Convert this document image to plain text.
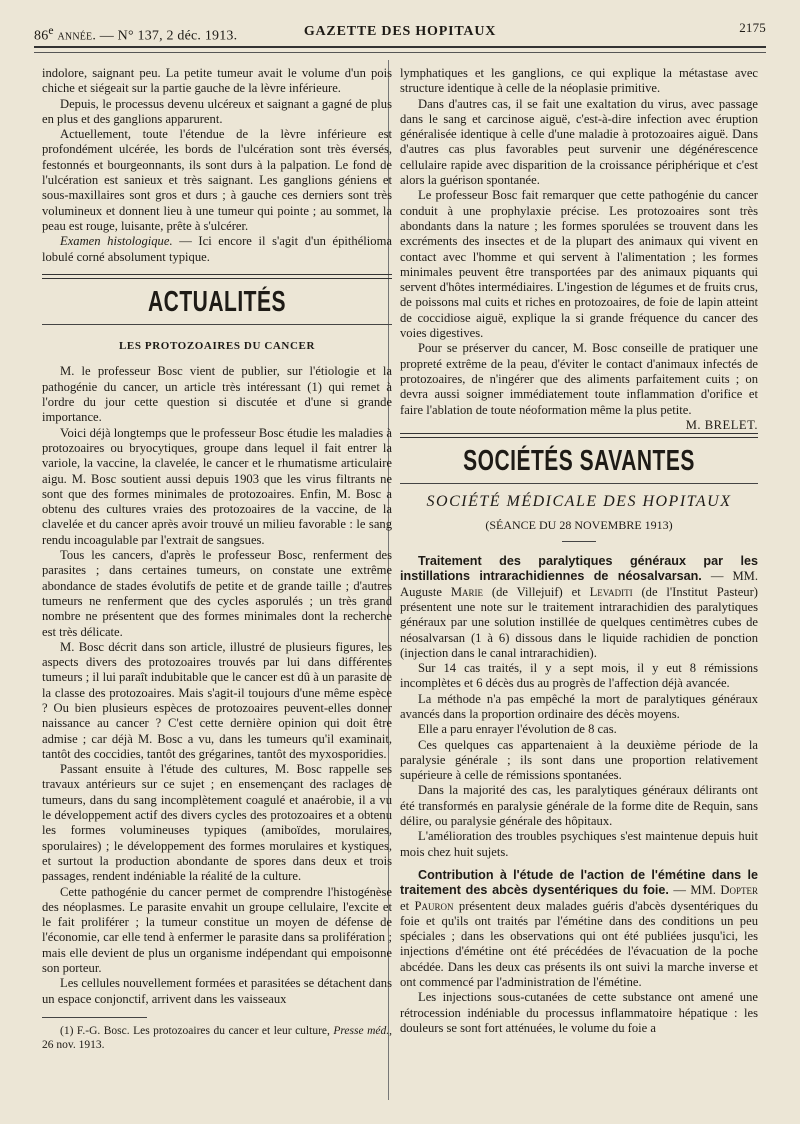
86e année. — N° 137, 2 déc. 1913.	GAZETTE DES HOPITAUX	2175

indolore, saignant peu. La petite tumeur avait le volume d'un pois chiche et siégeait sur la partie gauche de la lèvre inférieure.

Depuis, le processus devenu ulcéreux et saignant a gagné de plus en plus et des ganglions apparurent.

Actuellement, toute l'étendue de la lèvre inférieure est profondément ulcérée, les bords de l'ulcération sont très éversés, festonnés et bourgeonnants, ils sont durs à la palpation. Le fond de l'ulcération est sanieux et très saignant. Les ganglions géniens et sous-maxillaires sont gros et durs ; à gauche ces derniers sont très volumineux et donnent lieu à une tumeur qui pointe ; au sommet, la peau est rouge, luisante, prête à s'ulcérer.

Examen histologique. — Ici encore il s'agit d'un épithélioma lobulé corné absolument typique.

ACTUALITÉS
LES PROTOZOAIRES DU CANCER

M. le professeur Bosc vient de publier, sur l'étiologie et la pathogénie du cancer, un article très intéressant (1) qui remet à l'ordre du jour cette question si discutée et d'une si grande importance.

Voici déjà longtemps que le professeur Bosc étudie les maladies à protozoaires ou bryocytiques, groupe dans lequel il fait entrer la variole, la vaccine, la clavelée, le cancer et le rhumatisme articulaire aigu. M. Bosc soutient aussi depuis 1903 que les virus filtrants ne sont que des formes minimales de protozoaires. Enfin, M. Bosc a obtenu des cultures vraies des protozoaires de la vaccine, de la clavelée et du cancer après avoir trouvé un milieu favorable : le sang rendu incoagulable par l'extrait de sangsues.

Tous les cancers, d'après le professeur Bosc, renferment des parasites ; dans certaines tumeurs, on constate une extrême abondance de stades évolutifs de petite et de grande taille ; d'autres tumeurs ne renferment que des cycles asporulés ; un très grand nombre ne présentent que des formes minimales dont la recherche est très délicate.

M. Bosc décrit dans son article, illustré de plusieurs figures, les aspects divers des protozoaires trouvés par lui dans différentes tumeurs ; il lui paraît indubitable que le cancer est dû à un parasite de la classe des protozoaires. Mais s'agit-il toujours d'une même espèce ? Ou bien plusieurs espèces de protozoaires peuvent-elles donner naissance au cancer ? C'est cette dernière opinion qui doit être admise ; car déjà M. Bosc a vu, dans les tumeurs qu'il examinait, tantôt des coccidies, tantôt des grégarines, tantôt des myxosporidies.

Passant ensuite à l'étude des cultures, M. Bosc rappelle ses travaux antérieurs sur ce sujet ; en ensemençant des raclages de tumeurs, dans du sang incomplètement coagulé et anaérobie, il a vu le développement actif des divers cycles des protozoaires et a obtenu les formes volumineuses typiques (amiboïdes, morulaires, sporulaires) ; le développement des formes morulaires et kystiques, et surtout la production abondante de spores dans deux et trois passages, rendent indéniable la réalité de la culture.

Cette pathogénie du cancer permet de comprendre l'histogénèse des néoplasmes. Le parasite envahit un groupe cellulaire, l'excite et le fait proliférer ; la tumeur constitue un moyen de défense de l'économie, car elle tend à enfermer le parasite dans sa prolifération ; mais elle devient de plus un organisme indépendant qui empoisonne son porteur.

Les cellules nouvellement formées et parasitées se détachent dans un espace conjonctif, arrivent dans les vaisseaux

(1) F.-G. Bosc. Les protozoaires du cancer et leur culture, Presse méd., 26 nov. 1913.

lymphatiques et les ganglions, ce qui explique la métastase avec structure identique à celle de la néoplasie primitive.

Dans d'autres cas, il se fait une exaltation du virus, avec passage dans le sang et carcinose aiguë, c'est-à-dire infection avec éruption généralisée identique à celle d'une maladie à protozoaires aiguë. Dans d'autres cas plus favorables peut survenir une dégénérescence cellulaire rapide avec disparition de la croissance périphérique et c'est alors la guérison spontanée.

Le professeur Bosc fait remarquer que cette pathogénie du cancer conduit à une prophylaxie précise. Les protozoaires sont très abondants dans la nature ; les formes sporulées se trouvent dans les excréments des insectes et de la plupart des animaux qui vivent en contact avec l'homme et qui servent à l'alimentation ; les formes minimales peuvent être transportées par des animaux piquants qui servent d'hôtes intermédiaires. L'ingestion de légumes et de fruits crus, de poissons mal cuits et riches en protozoaires, de foie de lapin atteint de coccidiose aiguë, explique la si grande fréquence du cancer des voies digestives.

Pour se préserver du cancer, M. Bosc conseille de pratiquer une propreté extrême de la peau, d'éviter le contact d'animaux infectés de protozoaires, de n'ingérer que des aliments parfaitement cuits ; on devra aussi soigner immédiatement toute inflammation d'orifice et faire l'ablation de toute néoformation même la plus petite.
M. BRELET.

SOCIÉTÉS SAVANTES
SOCIÉTÉ MÉDICALE DES HOPITAUX
(SÉANCE DU 28 NOVEMBRE 1913)

Traitement des paralytiques généraux par les instillations intrarachidiennes de néosalvarsan. — MM. Auguste Marie (de Villejuif) et Levaditi (de l'Institut Pasteur) présentent une note sur le traitement intrarachidien des paralytiques généraux par une solution instillée de quelques centimètres cubes de néosalvarsan (1 à 6) dissous dans le liquide rachidien de ponction (injection dans le canal intrarachidien).

Sur 14 cas traités, il y a sept mois, il y eut 8 rémissions incomplètes et 6 décès dus au progrès de l'affection déjà avancée.

La méthode n'a pas empêché la mort de paralytiques généraux avancés dans la proportion ordinaire des décès moyens.

Elle a paru enrayer l'évolution de 8 cas.

Ces quelques cas appartenaient à la deuxième période de la paralysie générale ; ils sont dans une proportion relativement supérieure à celle de rémissions spontanées.

Dans la majorité des cas, les paralytiques généraux délirants ont été transformés en paralysie générale de la forme dite de Requin, sans délire, ou paralysie générale des hôpitaux.

L'amélioration des troubles psychiques s'est maintenue depuis huit mois chez huit sujets.

Contribution à l'étude de l'action de l'émétine dans le traitement des abcès dysentériques du foie. — MM. Dopter et Pauron présentent deux malades guéris d'abcès dysentériques du foie et qu'ils ont traités par l'émétine dans des conditions un peu spéciales ; dans les observations qui ont été publiées jusqu'ici, les injections d'émétine ont été précédées de l'évacuation de la poche abcédée. Dans les deux cas présents ils ont suivi la marche inverse et ont commencé par l'administration de l'émétine.

Les injections sous-cutanées de cette substance ont amené une rétrocession indéniable du processus inflammatoire hépatique : les douleurs se sont fort atténuées, le volume du foie a
